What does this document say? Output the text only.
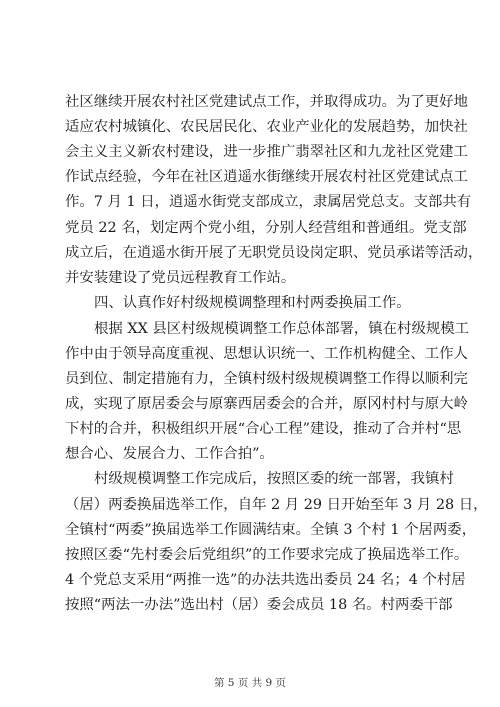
社区继续开展农村社区党建试点工作，并取得成功。为了更好地
适应农村城镇化、农民居民化、农业产业化的发展趋势，加快社
会主义主义新农村建设，进一步推广翡翠社区和九龙社区党建工
作试点经验，今年在社区逍遥水街继续开展农村社区党建试点工
作。7 月 1 日，逍遥水街党支部成立，隶属居党总支。支部共有
党员 22 名，划定两个党小组，分别人经营组和普通组。党支部
成立后，在逍遥水街开展了无职党员设岗定职、党员承诺等活动，
并安装建设了党员远程教育工作站。
四、认真作好村级规模调整理和村两委换届工作。
根据 XX 县区村级规模调整工作总体部署，镇在村级规模工
作中由于领导高度重视、思想认识统一、工作机构健全、工作人
员到位、制定措施有力，全镇村级村级规模调整工作得以顺利完
成，实现了原居委会与原寨西居委会的合并，原冈村村与原大岭
下村的合并，积极组织开展“合心工程”建设，推动了合并村“思
想合心、发展合力、工作合拍”。
村级规模调整工作完成后，按照区委的统一部署，我镇村
（居）两委换届选举工作，自年 2 月 29 日开始至年 3 月 28 日，
全镇村“两委”换届选举工作圆满结束。全镇 3 个村 1 个居两委，
按照区委“先村委会后党组织”的工作要求完成了换届选举工作。
4 个党总支采用“两推一选”的办法共选出委员 24 名；4 个村居
按照“两法一办法”选出村（居）委会成员 18 名。村两委干部
第 5 页 共 9 页
